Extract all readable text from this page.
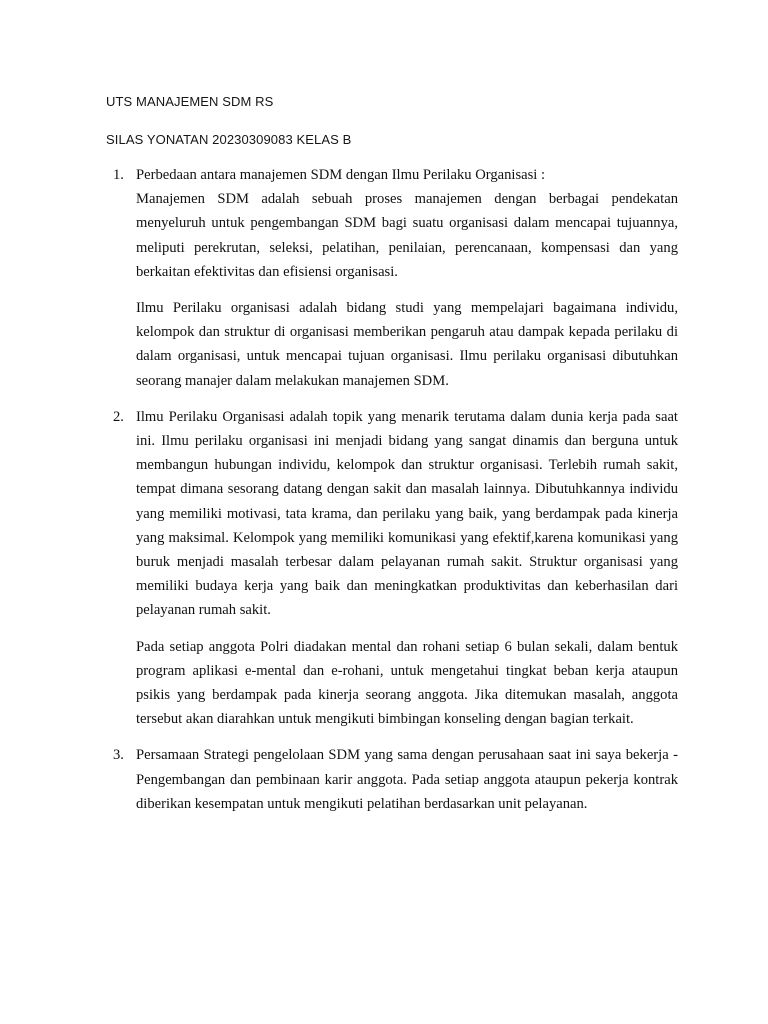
UTS MANAJEMEN SDM RS
SILAS YONATAN 20230309083 KELAS B
1. Perbedaan antara manajemen SDM dengan Ilmu Perilaku Organisasi :

Manajemen SDM adalah sebuah proses manajemen dengan berbagai pendekatan menyeluruh untuk pengembangan SDM bagi suatu organisasi dalam mencapai tujuannya, meliputi perekrutan, seleksi, pelatihan, penilaian, perencanaan, kompensasi dan yang berkaitan efektivitas dan efisiensi organisasi.

Ilmu Perilaku organisasi adalah bidang studi yang mempelajari bagaimana individu, kelompok dan struktur di organisasi memberikan pengaruh atau dampak kepada perilaku di dalam organisasi, untuk mencapai tujuan organisasi. Ilmu perilaku organisasi dibutuhkan seorang manajer dalam melakukan manajemen SDM.

2. Ilmu Perilaku Organisasi adalah topik yang menarik terutama dalam dunia kerja pada saat ini. Ilmu perilaku organisasi ini menjadi bidang yang sangat dinamis dan berguna untuk membangun hubungan individu, kelompok dan struktur organisasi. Terlebih rumah sakit, tempat dimana sesorang datang dengan sakit dan masalah lainnya. Dibutuhkannya individu yang memiliki motivasi, tata krama, dan perilaku yang baik, yang berdampak pada kinerja yang maksimal. Kelompok yang memiliki komunikasi yang efektif,karena komunikasi yang buruk menjadi masalah terbesar dalam pelayanan rumah sakit. Struktur organisasi yang memiliki budaya kerja yang baik dan meningkatkan produktivitas dan keberhasilan dari pelayanan rumah sakit.

Pada setiap anggota Polri diadakan mental dan rohani setiap 6 bulan sekali, dalam bentuk program aplikasi e-mental dan e-rohani, untuk mengetahui tingkat beban kerja ataupun psikis yang berdampak pada kinerja seorang anggota. Jika ditemukan masalah, anggota tersebut akan diarahkan untuk mengikuti bimbingan konseling dengan bagian terkait.

3. Persamaan Strategi pengelolaan SDM yang sama dengan perusahaan saat ini saya bekerja - Pengembangan dan pembinaan karir anggota. Pada setiap anggota ataupun pekerja kontrak diberikan kesempatan untuk mengikuti pelatihan berdasarkan unit pelayanan.
